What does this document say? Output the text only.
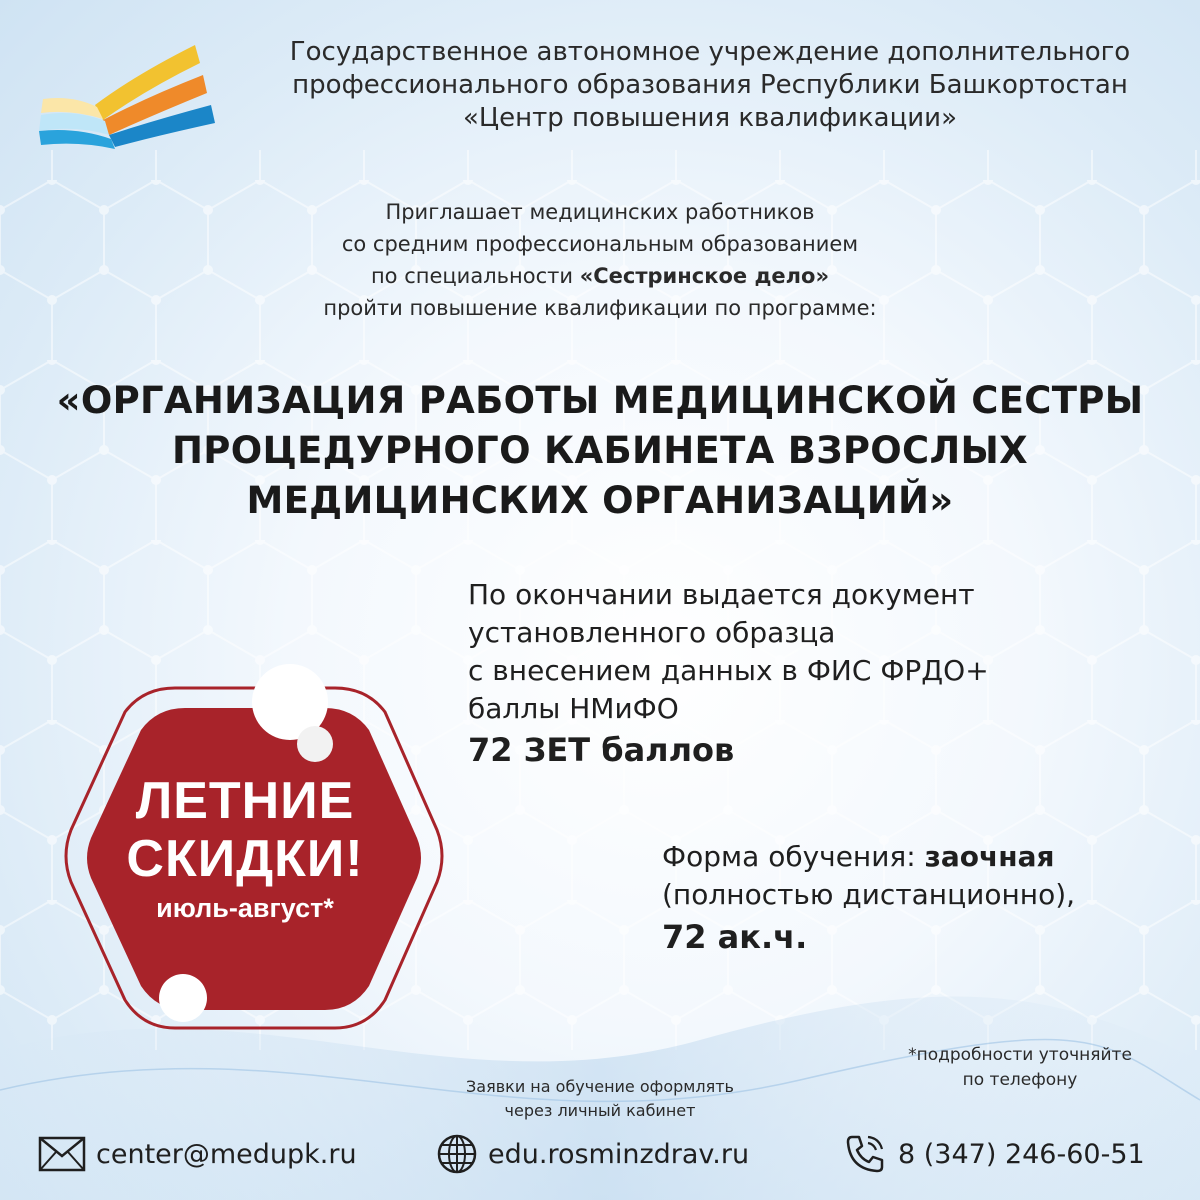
Государственное автономное учреждение дополнительного
профессионального образования Республики Башкортостан
«Центр повышения квалификации»
Приглашает медицинских работников
со средним профессиональным образованием
по специальности «Сестринское дело»
пройти повышение квалификации по программе:
«ОРГАНИЗАЦИЯ РАБОТЫ МЕДИЦИНСКОЙ СЕСТРЫ
ПРОЦЕДУРНОГО КАБИНЕТА ВЗРОСЛЫХ
МЕДИЦИНСКИХ ОРГАНИЗАЦИЙ»
По окончании выдается документ
установленного образца
с внесением данных в ФИС ФРДО+
баллы НМиФО
72 ЗЕТ баллов
ЛЕТНИЕ
СКИДКИ!
июль-август*
Форма обучения: заочная
(полностью дистанционно),
72 ак.ч.
*подробности уточняйте
по телефону
Заявки на обучение оформлять
через личный кабинет
center@medupk.ru	edu.rosminzdrav.ru	8 (347) 246-60-51
